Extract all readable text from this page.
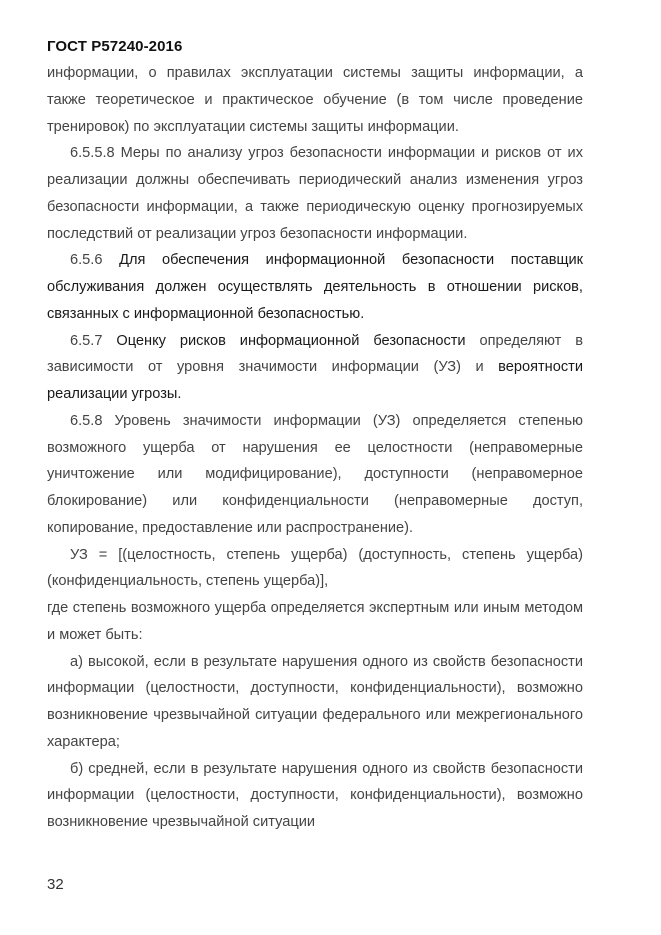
ГОСТ Р57240-2016

информации, о правилах эксплуатации системы защиты информации, а также теоретическое и практическое обучение (в том числе проведение тренировок) по эксплуатации системы защиты информации.

6.5.5.8 Меры по анализу угроз безопасности информации и рисков от их реализации должны обеспечивать периодический анализ изменения угроз безопасности информации, а также периодическую оценку прогнозируемых последствий от реализации угроз безопасности информации.

6.5.6 Для обеспечения информационной безопасности поставщик обслуживания должен осуществлять деятельность в отношении рисков, связанных с информационной безопасностью.

6.5.7 Оценку рисков информационной безопасности определяют в зависимости от уровня значимости информации (УЗ) и вероятности реализации угрозы.

6.5.8 Уровень значимости информации (УЗ) определяется степенью возможного ущерба от нарушения ее целостности (неправомерные уничтожение или модифицирование), доступности (неправомерное блокирование) или конфиденциальности (неправомерные доступ, копирование, предоставление или распространение).

УЗ = [(целостность, степень ущерба) (доступность, степень ущерба) (конфиденциальность, степень ущерба)],

где степень возможного ущерба определяется экспертным или иным методом и может быть:

а) высокой, если в результате нарушения одного из свойств безопасности информации (целостности, доступности, конфиденциальности), возможно возникновение чрезвычайной ситуации федерального или межрегионального характера;

б) средней, если в результате нарушения одного из свойств безопасности информации (целостности, доступности, конфиденциальности), возможно возникновение чрезвычайной ситуации

32
